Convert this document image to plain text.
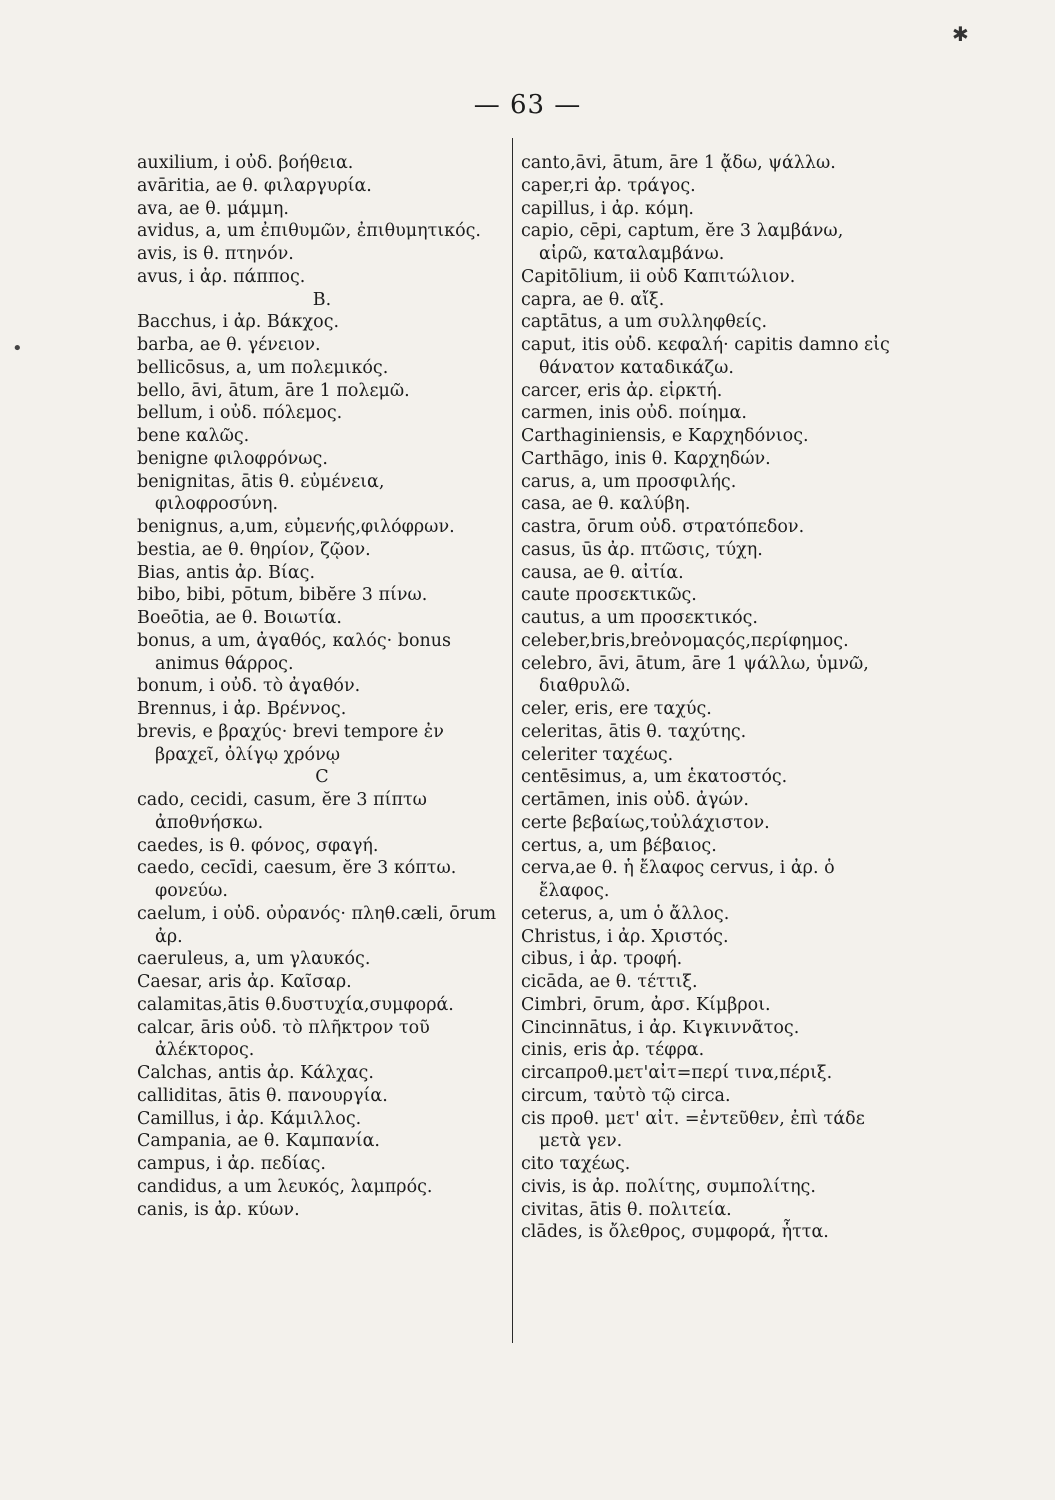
✱
•
— 63 —

auxilium, i οὐδ. βοήθεια.

avāritia, ae θ. φιλαργυρία.

ava, ae θ. μάμμη.

avidus, a, um ἐπιθυμῶν, ἐπιθυμητικός.

avis, is θ. πτηνόν.

avus, i ἀρ. πάππος.

B.

Bacchus, i ἀρ. Βάκχος.

barba, ae θ. γένειον.

bellicōsus, a, um πολεμικός.

bello, āvi, ātum, āre 1 πολεμῶ.

bellum, i οὐδ. πόλεμος.

bene καλῶς.

benigne φιλοφρόνως.

benignitas, ātis θ. εὐμένεια, φιλοφροσύνη.

benignus, a,um, εὐμενής,φιλόφρων.

bestia, ae θ. θηρίον, ζῷον.

Bias, antis ἀρ. Βίας.

bibo, bibi, pōtum, bibĕre 3 πίνω.

Boeōtia, ae θ. Βοιωτία.

bonus, a um, ἀγαθός, καλός· bonus animus θάρρος.

bonum, i οὐδ. τὸ ἀγαθόν.

Brennus, i ἀρ. Βρέννος.

brevis, e βραχύς· brevi tempore ἐν βραχεῖ, ὀλίγῳ χρόνῳ

C

cado, cecidi, casum, ĕre 3 πίπτω ἀποθνήσκω.

caedes, is θ. φόνος, σφαγή.

caedo, cecīdi, caesum, ĕre 3 κόπτω. φονεύω.

caelum, i οὐδ. οὐρανός· πληθ.cæli, ōrum ἀρ.

caeruleus, a, um γλαυκός.

Caesar, aris ἀρ. Καῖσαρ.

calamitas,ātis θ.δυστυχία,συμφορά.

calcar, āris οὐδ. τὸ πλῆκτρον τοῦ ἀλέκτορος.

Calchas, antis ἀρ. Κάλχας.

calliditas, ātis θ. πανουργία.

Camillus, i ἀρ. Κάμιλλος.

Campania, ae θ. Καμπανία.

campus, i ἀρ. πεδίας.

candidus, a um λευκός, λαμπρός.

canis, is ἀρ. κύων.

canto,āvi, ātum, āre 1 ᾄδω, ψάλλω.

caper,ri ἀρ. τράγος.

capillus, i ἀρ. κόμη.

capio, cēpi, captum, ĕre 3 λαμβάνω, αἱρῶ, καταλαμβάνω.

Capitōlium, ii οὐδ Καπιτώλιον.

capra, ae θ. αἴξ.

captātus, a um συλληφθείς.

caput, itis οὐδ. κεφαλή· capitis damno εἰς θάνατον καταδικάζω.

carcer, eris ἀρ. εἱρκτή.

carmen, inis οὐδ. ποίημα.

Carthaginiensis, e Καρχηδόνιος.

Carthāgo, inis θ. Καρχηδών.

carus, a, um προσφιλής.

casa, ae θ. καλύβη.

castra, ōrum οὐδ. στρατόπεδον.

casus, ūs ἀρ. πτῶσις, τύχη.

causa, ae θ. αἰτία.

caute προσεκτικῶς.

cautus, a um προσεκτικός.

celeber,bris,breὀνομαςός,περίφημος.

celebro, āvi, ātum, āre 1 ψάλλω, ὑμνῶ, διαθρυλῶ.

celer, eris, ere ταχύς.

celeritas, ātis θ. ταχύτης.

celeriter ταχέως.

centēsimus, a, um ἑκατοστός.

certāmen, inis οὐδ. ἀγών.

certe βεβαίως,τοὐλάχιστον.

certus, a, um βέβαιος.

cerva,ae θ. ἡ ἔλαφος cervus, i ἀρ. ὁ ἔλαφος.

ceterus, a, um ὁ ἄλλος.

Christus, i ἀρ. Χριστός.

cibus, i ἀρ. τροφή.

cicāda, ae θ. τέττιξ.

Cimbri, ōrum, ἀρσ. Κίμβροι.

Cincinnātus, i ἀρ. Κιγκιννᾶτος.

cinis, eris ἀρ. τέφρα.

circaπροθ.μετ'αἰτ=περί τινα,πέριξ.

circum, ταὐτὸ τῷ circa.

cis προθ. μετ' αἰτ. =ἐντεῦθεν, ἐπὶ τάδε μετὰ γεν.

cito ταχέως.

civis, is ἀρ. πολίτης, συμπολίτης.

civitas, ātis θ. πολιτεία.

clādes, is ὄλεθρος, συμφορά, ἧττα.
